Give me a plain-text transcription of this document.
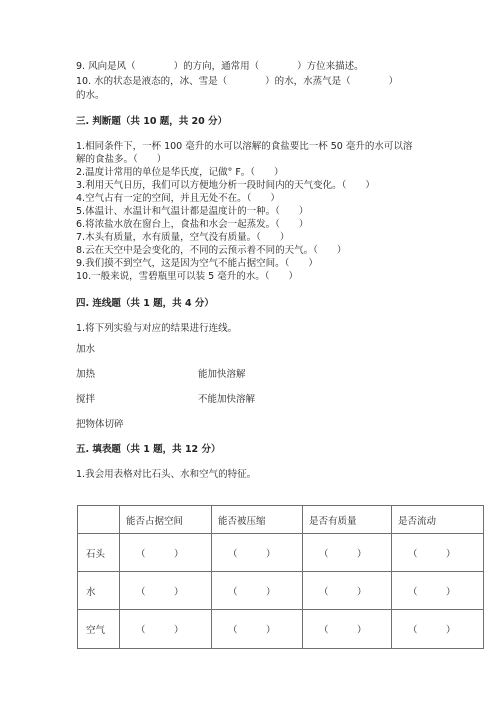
9. 风向是风（　　　　）的方向，通常用（　　　　）方位来描述。
10. 水的状态是液态的，冰、雪是（　　　　）的水，水蒸气是（　　　　）
的水。
三. 判断题（共 10 题，共 20 分）
1.相同条件下，一杯 100 毫升的水可以溶解的食盐要比一杯 50 毫升的水可以溶
解的食盐多。（　　）
2.温度计常用的单位是华氏度，记做° F。（　　）
3.利用天气日历，我们可以方便地分析一段时间内的天气变化。（　　）
4.空气占有一定的空间，并且无处不在。（　　）
5.体温计、水温计和气温计都是温度计的一种。（　　）
6.将浓盐水放在窗台上，食盐和水会一起蒸发。（　　）
7.木头有质量，水有质量，空气没有质量。（　　）
8.云在天空中是会变化的，不同的云预示着不同的天气。（　　）
9.我们摸不到空气，这是因为空气不能占据空间。（　　）
10.一般来说，雪碧瓶里可以装 5 毫升的水。（　　）
四. 连线题（共 1 题，共 4 分）
1.将下列实验与对应的结果进行连线。
加水
加热	能加快溶解
搅拌	不能加快溶解
把物体切碎
五. 填表题（共 1 题，共 12 分）
1.我会用表格对比石头、水和空气的特征。
	能否占据空间	能否被压缩	是否有质量	是否流动
石头	（　　　）	（　　　）	（　　　）	（　　　）
水	（　　　）	（　　　）	（　　　）	（　　　）
空气	（　　　）	（　　　）	（　　　）	（　　　）
